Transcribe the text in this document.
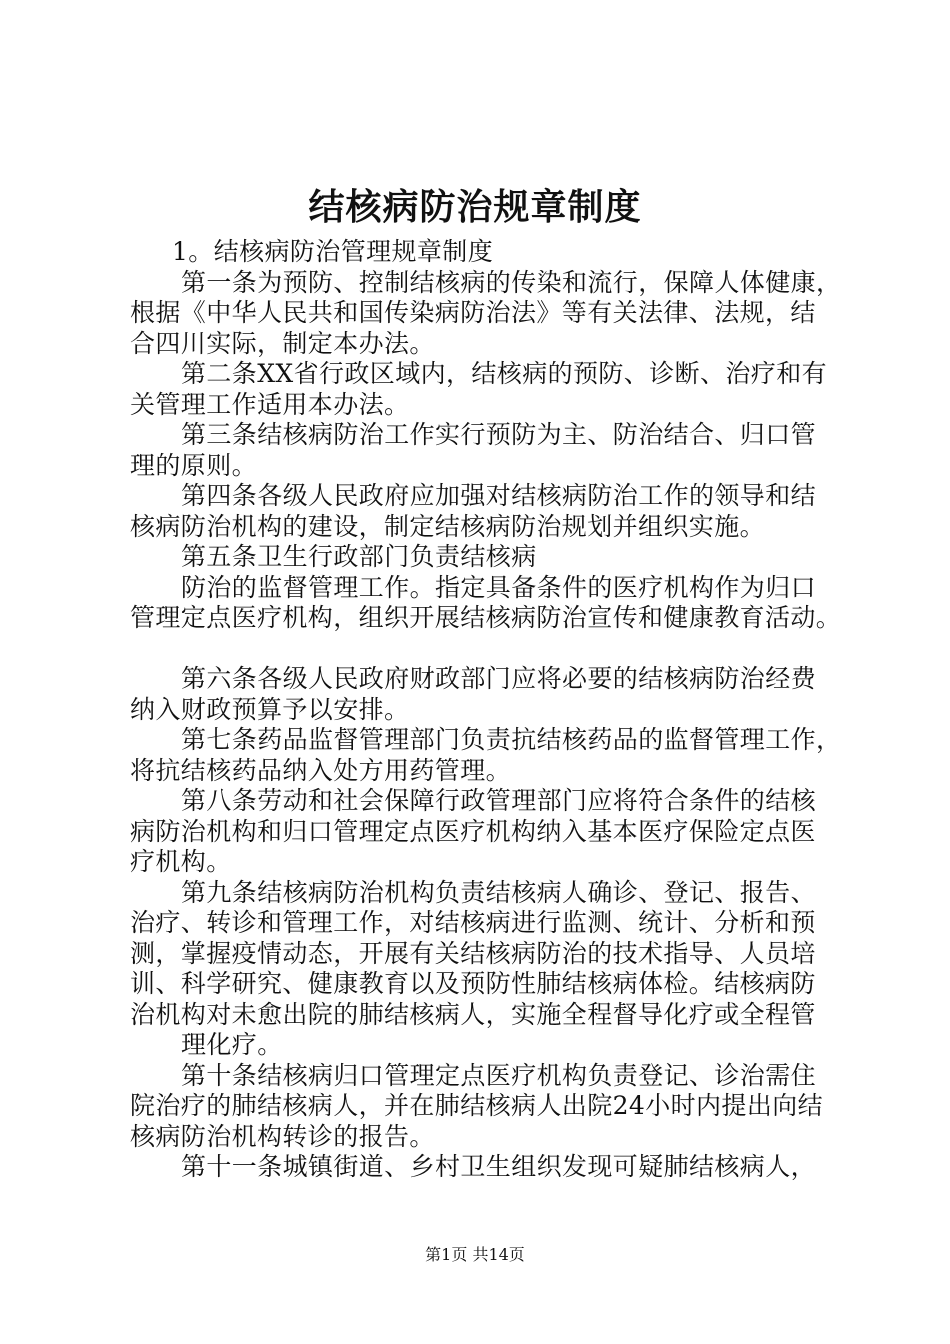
结核病防治规章制度
1。结核病防治管理规章制度
第一条为预防、控制结核病的传染和流行，保障人体健康，
根据《中华人民共和国传染病防治法》等有关法律、法规，结
合四川实际，制定本办法。
第二条XX省行政区域内，结核病的预防、诊断、治疗和有
关管理工作适用本办法。
第三条结核病防治工作实行预防为主、防治结合、归口管
理的原则。
第四条各级人民政府应加强对结核病防治工作的领导和结
核病防治机构的建设，制定结核病防治规划并组织实施。
第五条卫生行政部门负责结核病
防治的监督管理工作。指定具备条件的医疗机构作为归口
管理定点医疗机构，组织开展结核病防治宣传和健康教育活动。
第六条各级人民政府财政部门应将必要的结核病防治经费
纳入财政预算予以安排。
第七条药品监督管理部门负责抗结核药品的监督管理工作，
将抗结核药品纳入处方用药管理。
第八条劳动和社会保障行政管理部门应将符合条件的结核
病防治机构和归口管理定点医疗机构纳入基本医疗保险定点医
疗机构。
第九条结核病防治机构负责结核病人确诊、登记、报告、
治疗、转诊和管理工作，对结核病进行监测、统计、分析和预
测，掌握疫情动态，开展有关结核病防治的技术指导、人员培
训、科学研究、健康教育以及预防性肺结核病体检。结核病防
治机构对未愈出院的肺结核病人，实施全程督导化疗或全程管
理化疗。
第十条结核病归口管理定点医疗机构负责登记、诊治需住
院治疗的肺结核病人，并在肺结核病人出院24小时内提出向结
核病防治机构转诊的报告。
第十一条城镇街道、乡村卫生组织发现可疑肺结核病人，
第1页 共14页
